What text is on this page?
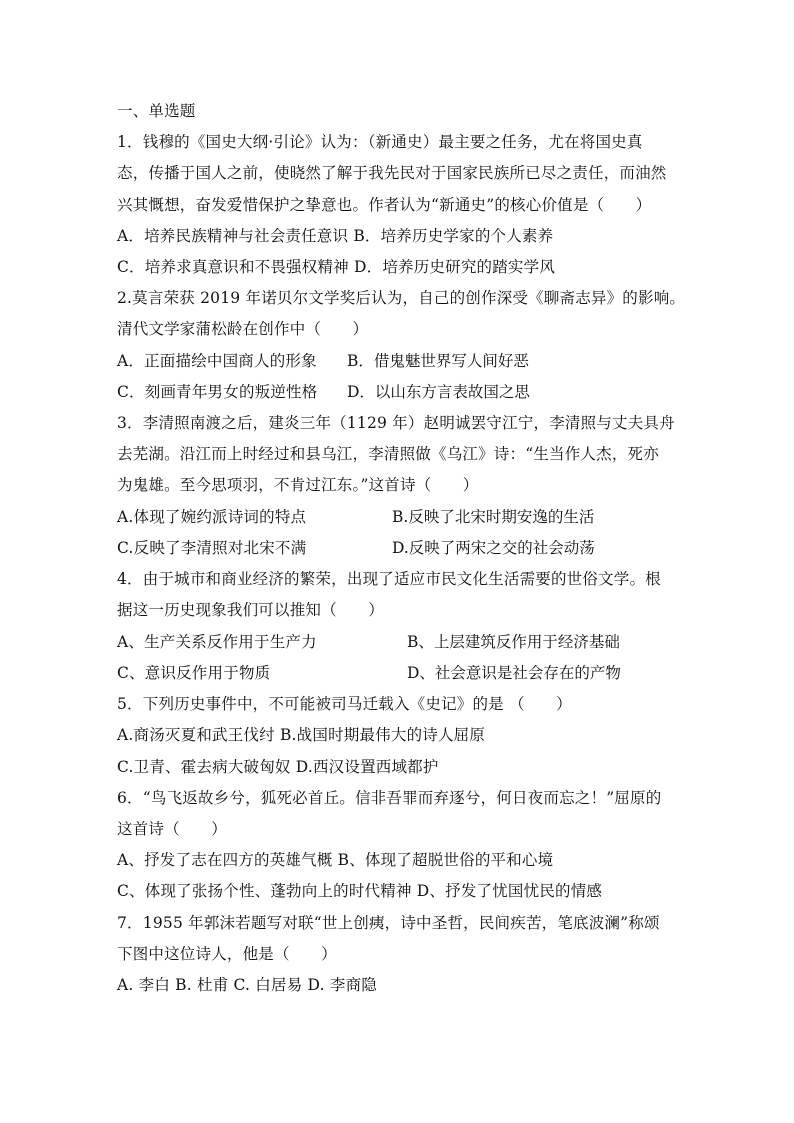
一、单选题
1．钱穆的《国史大纲·引论》认为：（新通史）最主要之任务，尤在将国史真
态，传播于国人之前，使晓然了解于我先民对于国家民族所已尽之责任，而油然
兴其慨想，奋发爱惜保护之挚意也。作者认为“新通史”的核心价值是（　　）
A．培养民族精神与社会责任意识 B．培养历史学家的个人素养
C．培养求真意识和不畏强权精神 D．培养历史研究的踏实学风
2.莫言荣获 2019 年诺贝尔文学奖后认为，自己的创作深受《聊斋志异》的影响。
清代文学家蒲松龄在创作中（　　）
A．正面描绘中国商人的形象 B．借鬼魅世界写人间好恶
C．刻画青年男女的叛逆性格 D．以山东方言表故国之思
3．李清照南渡之后，建炎三年（1129 年）赵明诚罢守江宁，李清照与丈夫具舟
去芜湖。沿江而上时经过和县乌江，李清照做《乌江》诗：“生当作人杰，死亦
为鬼雄。至今思项羽，不肯过江东。”这首诗（　　）
A.体现了婉约派诗词的特点	B.反映了北宋时期安逸的生活
C.反映了李清照对北宋不满	D.反映了两宋之交的社会动荡
4．由于城市和商业经济的繁荣，出现了适应市民文化生活需要的世俗文学。根
据这一历史现象我们可以推知（　　）
A、生产关系反作用于生产力	B、上层建筑反作用于经济基础
C、意识反作用于物质	D、社会意识是社会存在的产物
5．下列历史事件中，不可能被司马迁载入《史记》的是 （　　）
A.商汤灭夏和武王伐纣 B.战国时期最伟大的诗人屈原
C.卫青、霍去病大破匈奴 D.西汉设置西域都护
6．“鸟飞返故乡兮，狐死必首丘。信非吾罪而弃逐兮，何日夜而忘之！”屈原的
这首诗（　　）
A、抒发了志在四方的英雄气概 B、体现了超脱世俗的平和心境
C、体现了张扬个性、蓬勃向上的时代精神 D、抒发了忧国忧民的情感
7．1955 年郭沫若题写对联“世上创痍，诗中圣哲，民间疾苦，笔底波澜”称颂
下图中这位诗人，他是（　　）
A. 李白 B. 杜甫 C. 白居易 D. 李商隐
